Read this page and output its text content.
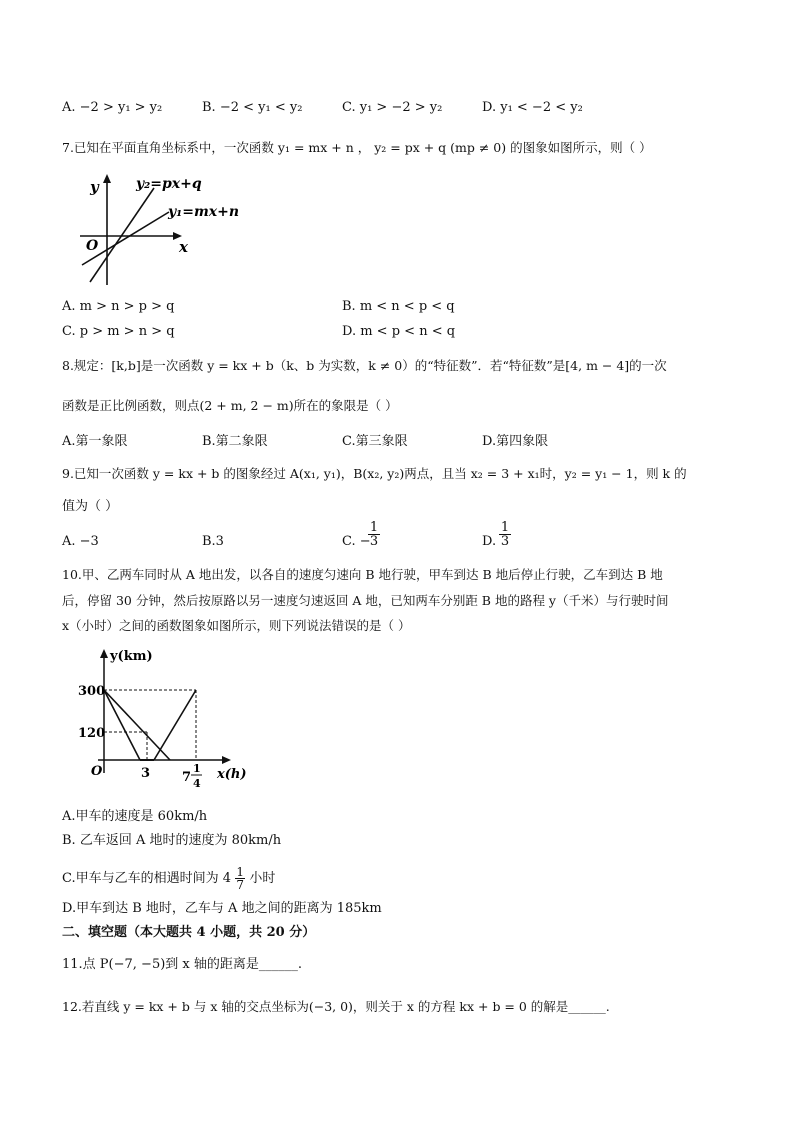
A. −2 > y₁ > y₂	B. −2 < y₁ < y₂	C. y₁ > −2 > y₂	D. y₁ < −2 < y₂
7.已知在平面直角坐标系中，一次函数 y₁ = mx + n ， y₂ = px + q (mp ≠ 0) 的图象如图所示，则（ ）
y
x
O
y₂=px+q
y₁=mx+n
A. m > n > p > q	B. m < n < p < q
C. p > m > n > q	D. m < p < n < q
8.规定：[k,b]是一次函数 y = kx + b（k、b 为实数，k ≠ 0）的“特征数”．若“特征数”是[4, m − 4]的一次
函数是正比例函数，则点(2 + m, 2 − m)所在的象限是（ ）
A.第一象限	B.第二象限	C.第三象限	D.第四象限
9.已知一次函数 y = kx + b 的图象经过 A(x₁, y₁)，B(x₂, y₂)两点，且当 x₂ = 3 + x₁时，y₂ = y₁ − 1，则 k 的
值为（ ）
A. −3	B.3	C. −
$\frac{1}{3}$	D. $\frac{1}{3}$
10.甲、乙两车同时从 A 地出发，以各自的速度匀速向 B 地行驶，甲车到达 B 地后停止行驶，乙车到达 B 地
后，停留 30 分钟，然后按原路以另一速度匀速返回 A 地，已知两车分别距 B 地的路程 y（千米）与行驶时间
x（小时）之间的函数图象如图所示，则下列说法错误的是（ ）
y(km)
x(h)
O
300
120
3 7
1
4
A.甲车的速度是 60km/h
B. 乙车返回 A 地时的速度为 80km/h
C.甲车与乙车的相遇时间为 $4 \frac{1}{7}$ 小时
D.甲车到达 B 地时，乙车与 A 地之间的距离为 185km
二、填空题（本大题共 4 小题，共 20 分）
11.点 P(−7, −5)到 x 轴的距离是______.
12.若直线 y = kx + b 与 x 轴的交点坐标为(−3, 0)，则关于 x 的方程 kx + b = 0 的解是______.
